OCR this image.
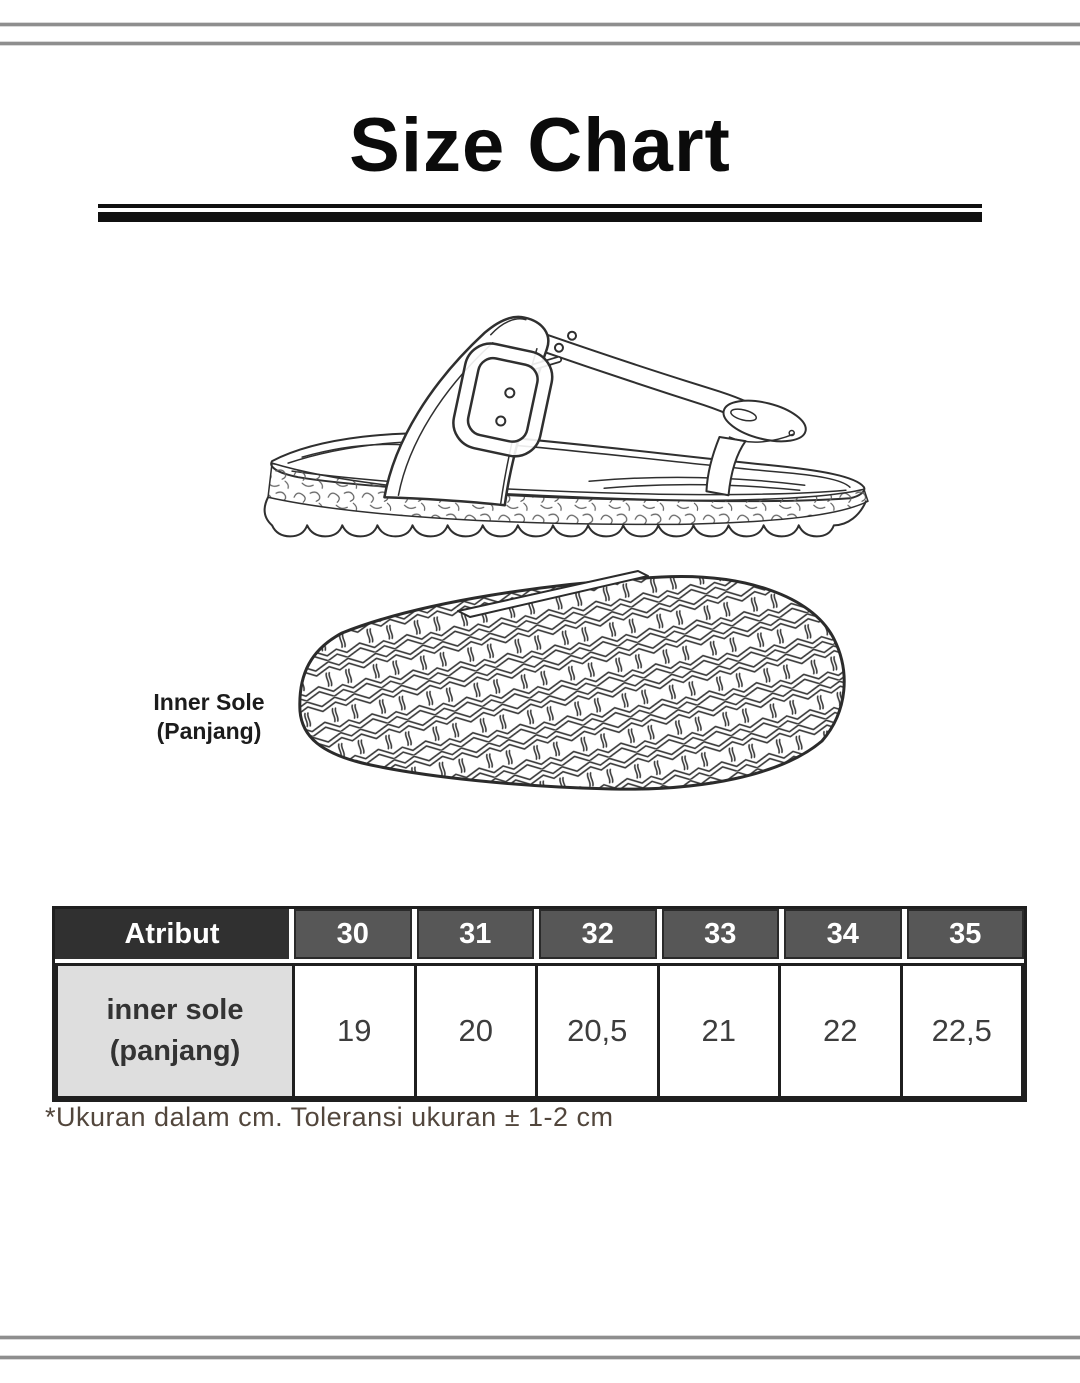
Size Chart
Inner Sole
(Panjang)
Atribut	30	31	32	33	34	35
inner sole
(panjang)
19	20	20,5	21	22	22,5
*Ukuran dalam cm. Toleransi ukuran ± 1-2 cm
